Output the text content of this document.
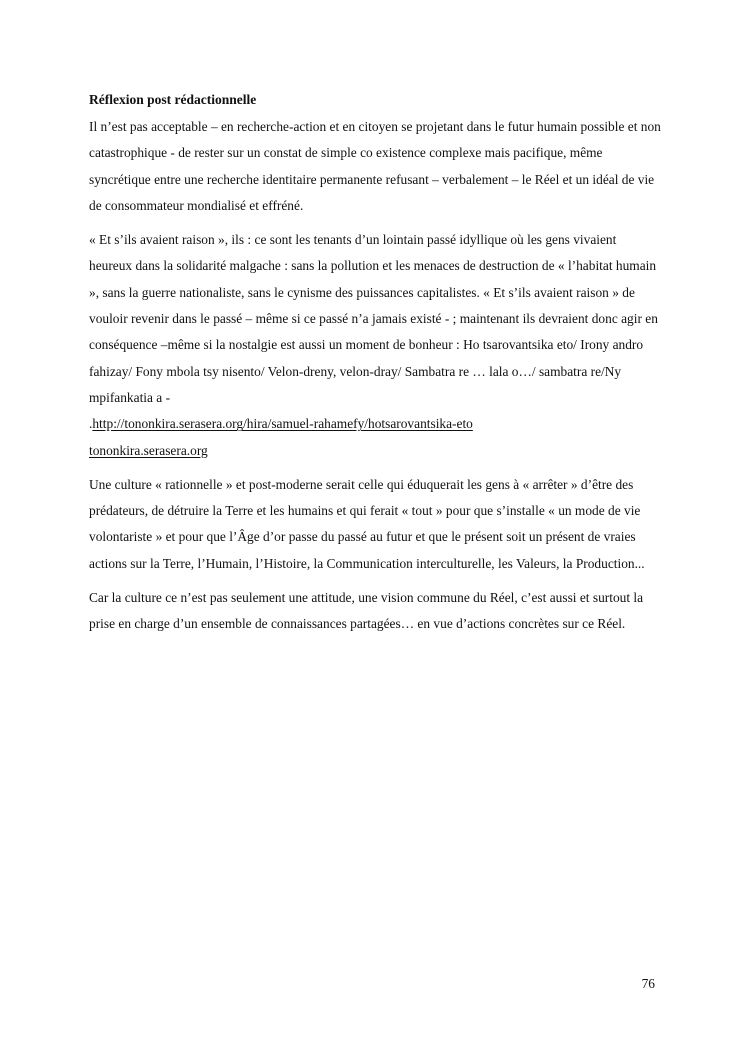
Réflexion post rédactionnelle

Il n’est pas acceptable – en recherche-action et en citoyen se projetant dans le futur humain possible et non catastrophique - de rester sur un constat de simple co existence complexe mais pacifique, même syncrétique entre une recherche identitaire permanente refusant – verbalement – le Réel et un idéal de vie de consommateur mondialisé et effréné.

« Et s’ils avaient raison », ils : ce sont les tenants d’un lointain passé idyllique où les gens vivaient heureux dans la solidarité malgache : sans la pollution et les menaces de destruction de « l’habitat humain », sans la guerre nationaliste, sans le cynisme des puissances capitalistes. « Et s’ils avaient raison » de vouloir revenir dans le passé – même si ce passé n’a jamais existé - ; maintenant ils devraient donc agir en conséquence –même si la nostalgie est aussi un moment de bonheur : Ho tsarovantsika eto/ Irony andro fahizay/ Fony mbola tsy nisento/ Velon-dreny, velon-dray/ Sambatra re … lala o…/ sambatra re/Ny mpifankatia a -
.http://tononkira.serasera.org/hira/samuel-rahamefy/hotsarovantsika-eto
tononkira.serasera.org

Une culture « rationnelle » et post-moderne serait celle qui éduquerait les gens à « arrêter » d’être des prédateurs, de détruire la Terre et les humains et qui ferait « tout » pour que s’installe « un mode de vie volontariste » et pour que l’Âge d’or passe du passé au futur et que le présent soit un présent de vraies actions sur la Terre, l’Humain, l’Histoire, la Communication interculturelle, les Valeurs, la Production...

Car la culture ce n’est pas seulement une attitude, une vision commune du Réel, c’est aussi et surtout la prise en charge d’un ensemble de connaissances partagées… en vue d’actions concrètes sur ce Réel.

76
